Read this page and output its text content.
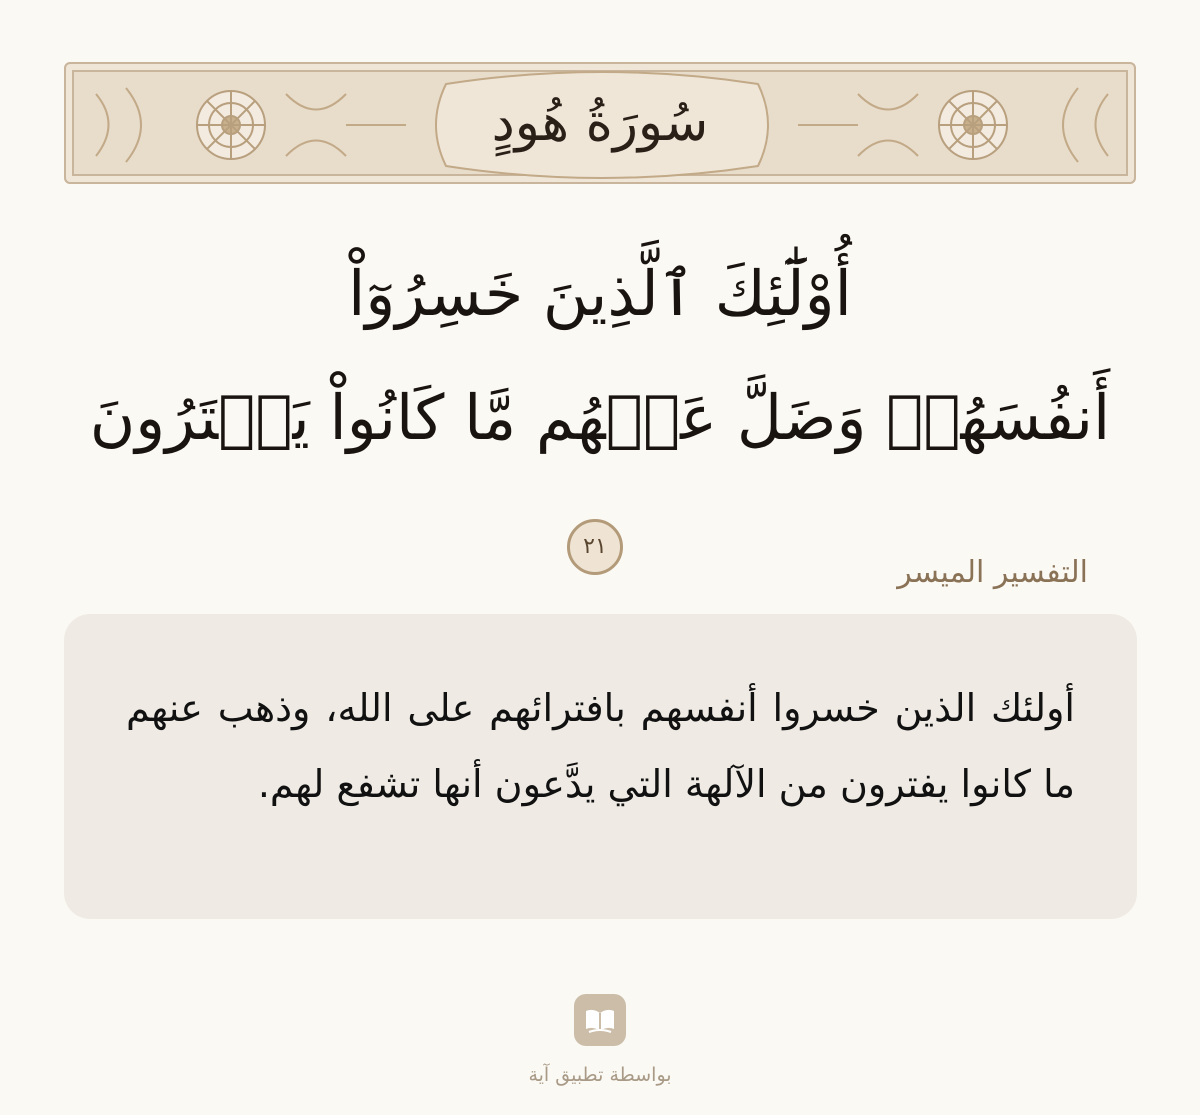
سُورَةُ هُودٍ
أُوْلَٰٓئِكَ ٱلَّذِينَ خَسِرُوٓاْ
أَنفُسَهُمۡ وَضَلَّ عَنۡهُم مَّا كَانُواْ يَفۡتَرُونَ٢١
التفسير الميسر
أولئك الذين خسروا أنفسهم بافترائهم على الله، وذهب عنهم ما كانوا يفترون من الآلهة التي يدَّعون أنها تشفع لهم.
بواسطة تطبيق آية
